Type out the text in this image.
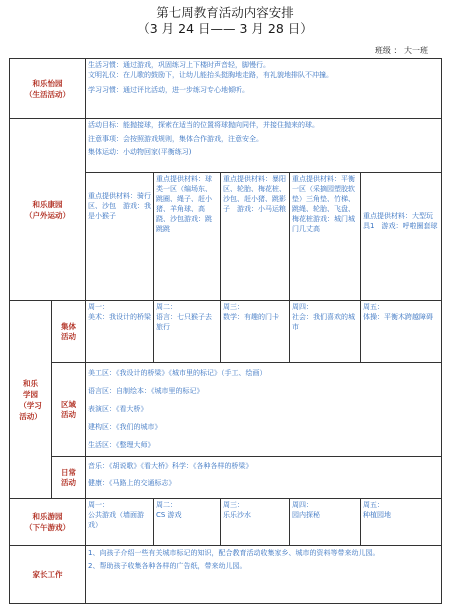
第七周教育活动内容安排
（3 月 24 日—— 3 月 28 日）
班级 ： 大一班
和乐怡园
（生活活动）		生活习惯：通过游戏，巩固练习上下楼时声音轻，脚慢行。
文明礼仪：在儿歌的鼓励下，让幼儿能抬头挺胸地走路，有礼貌地排队不冲撞。
学习习惯：通过评比活动，进一步练习专心地倾听。				

和乐康园
（户外运动）		活动目标：能抛接球，探索在适当的位置将球抛向同伴，并接住抛来的球。
注意事项：会按照游戏规则，集体合作游戏，注意安全。
集体运动：小动物回家(平衡练习)				

		重点提供材料：骑行区、沙包　游戏：我是小猴子	重点提供材料：球类一区（编场东、跳圈、绳子、赶小猪、羊角球、高跷、沙包游戏：跳跳跳	重点提供材料：暴阳区、轮胎、梅花桩、沙包、赶小猪、跳影子　游戏：小马运粮	重点提供材料：平衡一区（采摘园塑胶软垫）三角垫、竹梯、跳绳、轮胎、飞盘、梅花桩游戏：城门城门几丈高	重点提供材料：大型玩具1　游戏：呼啦圈套球

和乐
学园
（学习
活动）	集体
活动	周一：
美术：我设计的桥梁	周二：
语言：七只猴子去旅行	周三：
数学：有趣的门卡	周四：
社会：我们喜欢的城市	周五：
体操：平衡木跨越障碍

	区域
活动	美工区：《我设计的桥梁》《城市里的标记》（手工、绘画）
语言区：自制绘本：《城市里的标记》
表演区：《看大桥》
建构区：《我们的城市》
生活区：《整理大师》				

	日常
活动	音乐：《胡说歌》《看大桥》科学：《各种各样的桥梁》
健康：《马路上的交通标志》				

和乐游园
（下午游戏）		周一：
公共游戏（墙面游戏）	周二：
CS 游戏	周三：
乐乐沙水	周四：
园内探秘	周五：
种植园地

家长工作		1、向孩子介绍一些有关城市标记的知识，配合教育活动收集家乡、城市的资料等带来幼儿园。
2、帮助孩子收集各种各样的广告纸，带来幼儿园。				
